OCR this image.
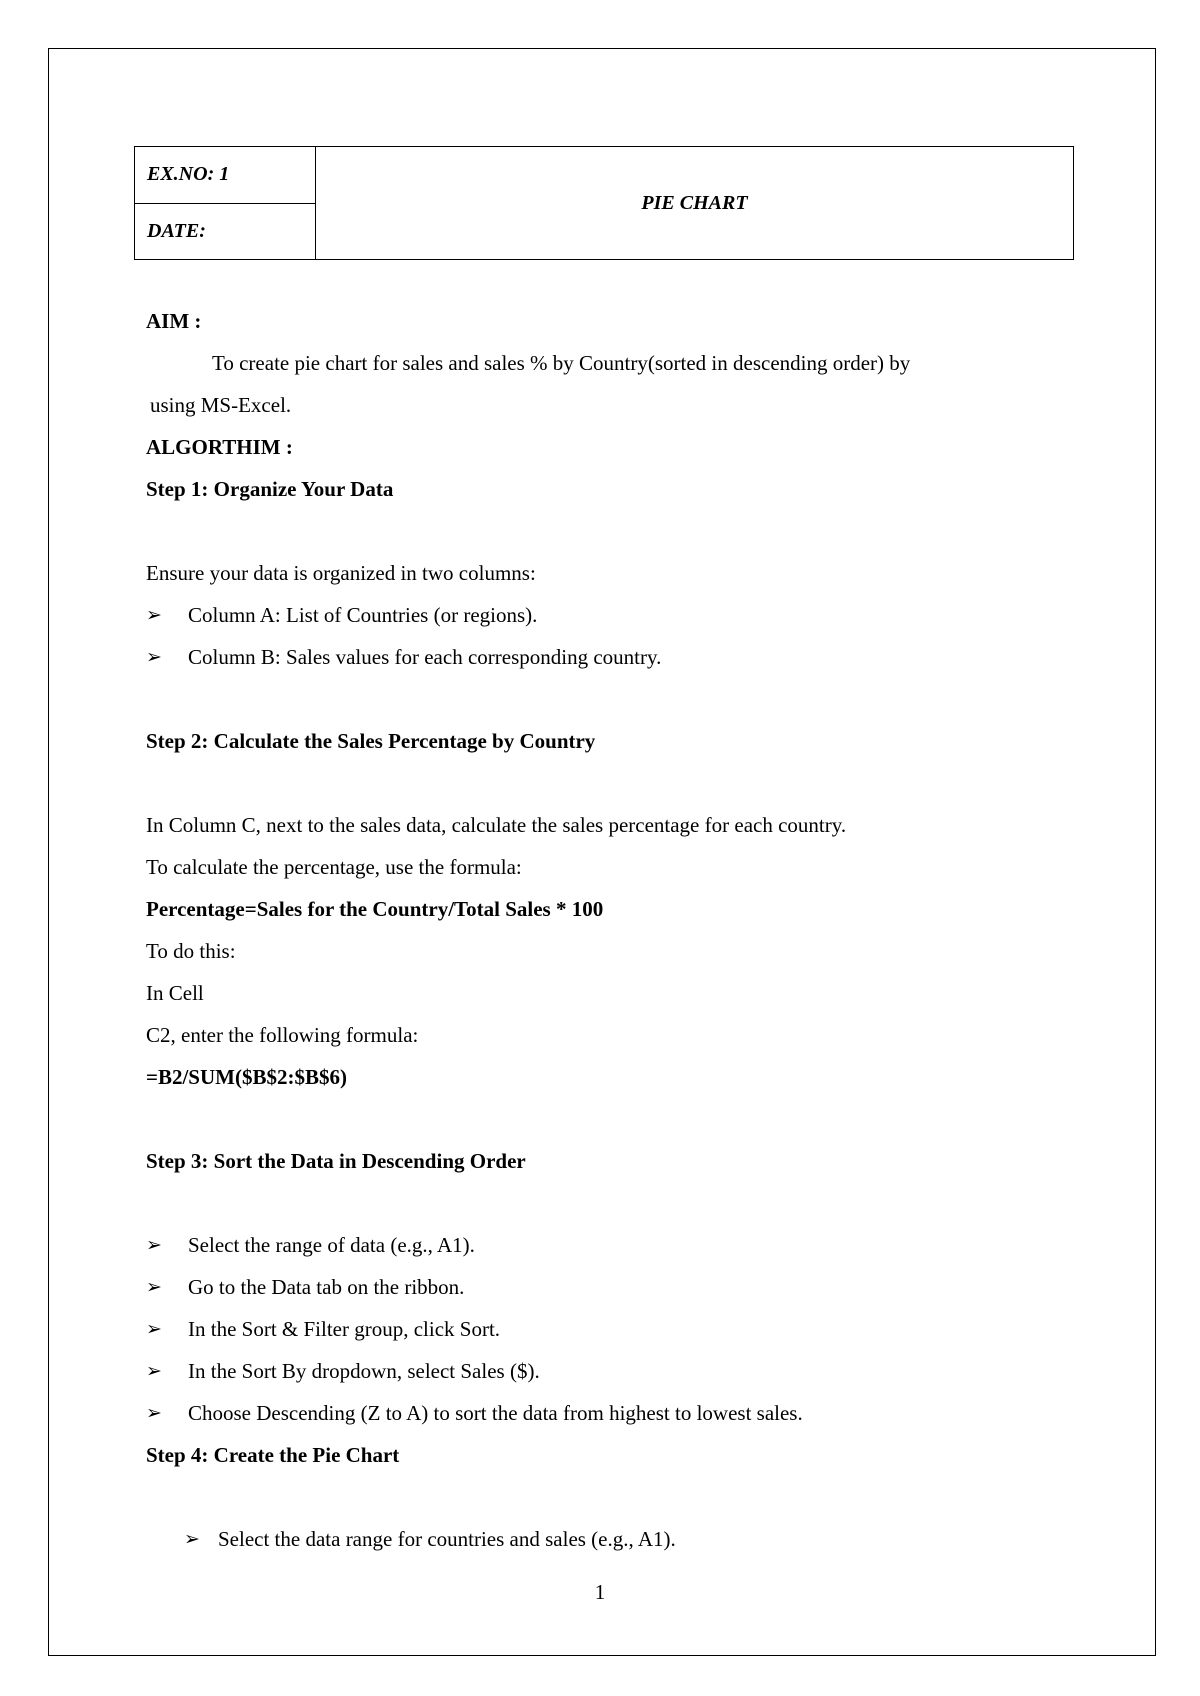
EX.NO: 1	PIE CHART
DATE:
AIM :
To create pie chart for sales and sales % by Country(sorted in descending order) by
using MS-Excel.
ALGORTHIM :
Step 1: Organize Your Data
Ensure your data is organized in two columns:
➢	Column A: List of Countries (or regions).
➢	Column B: Sales values for each corresponding country.
Step 2: Calculate the Sales Percentage by Country
In Column C, next to the sales data, calculate the sales percentage for each country.
To calculate the percentage, use the formula:
Percentage=Sales for the Country/Total Sales * 100
To do this:
In Cell
C2, enter the following formula:
=B2/SUM($B$2:$B$6)
Step 3: Sort the Data in Descending Order
➢	Select the range of data (e.g., A1).
➢	Go to the Data tab on the ribbon.
➢	In the Sort & Filter group, click Sort.
➢	In the Sort By dropdown, select Sales ($).
➢	Choose Descending (Z to A) to sort the data from highest to lowest sales.
Step 4: Create the Pie Chart
➢ Select the data range for countries and sales (e.g., A1).
1
